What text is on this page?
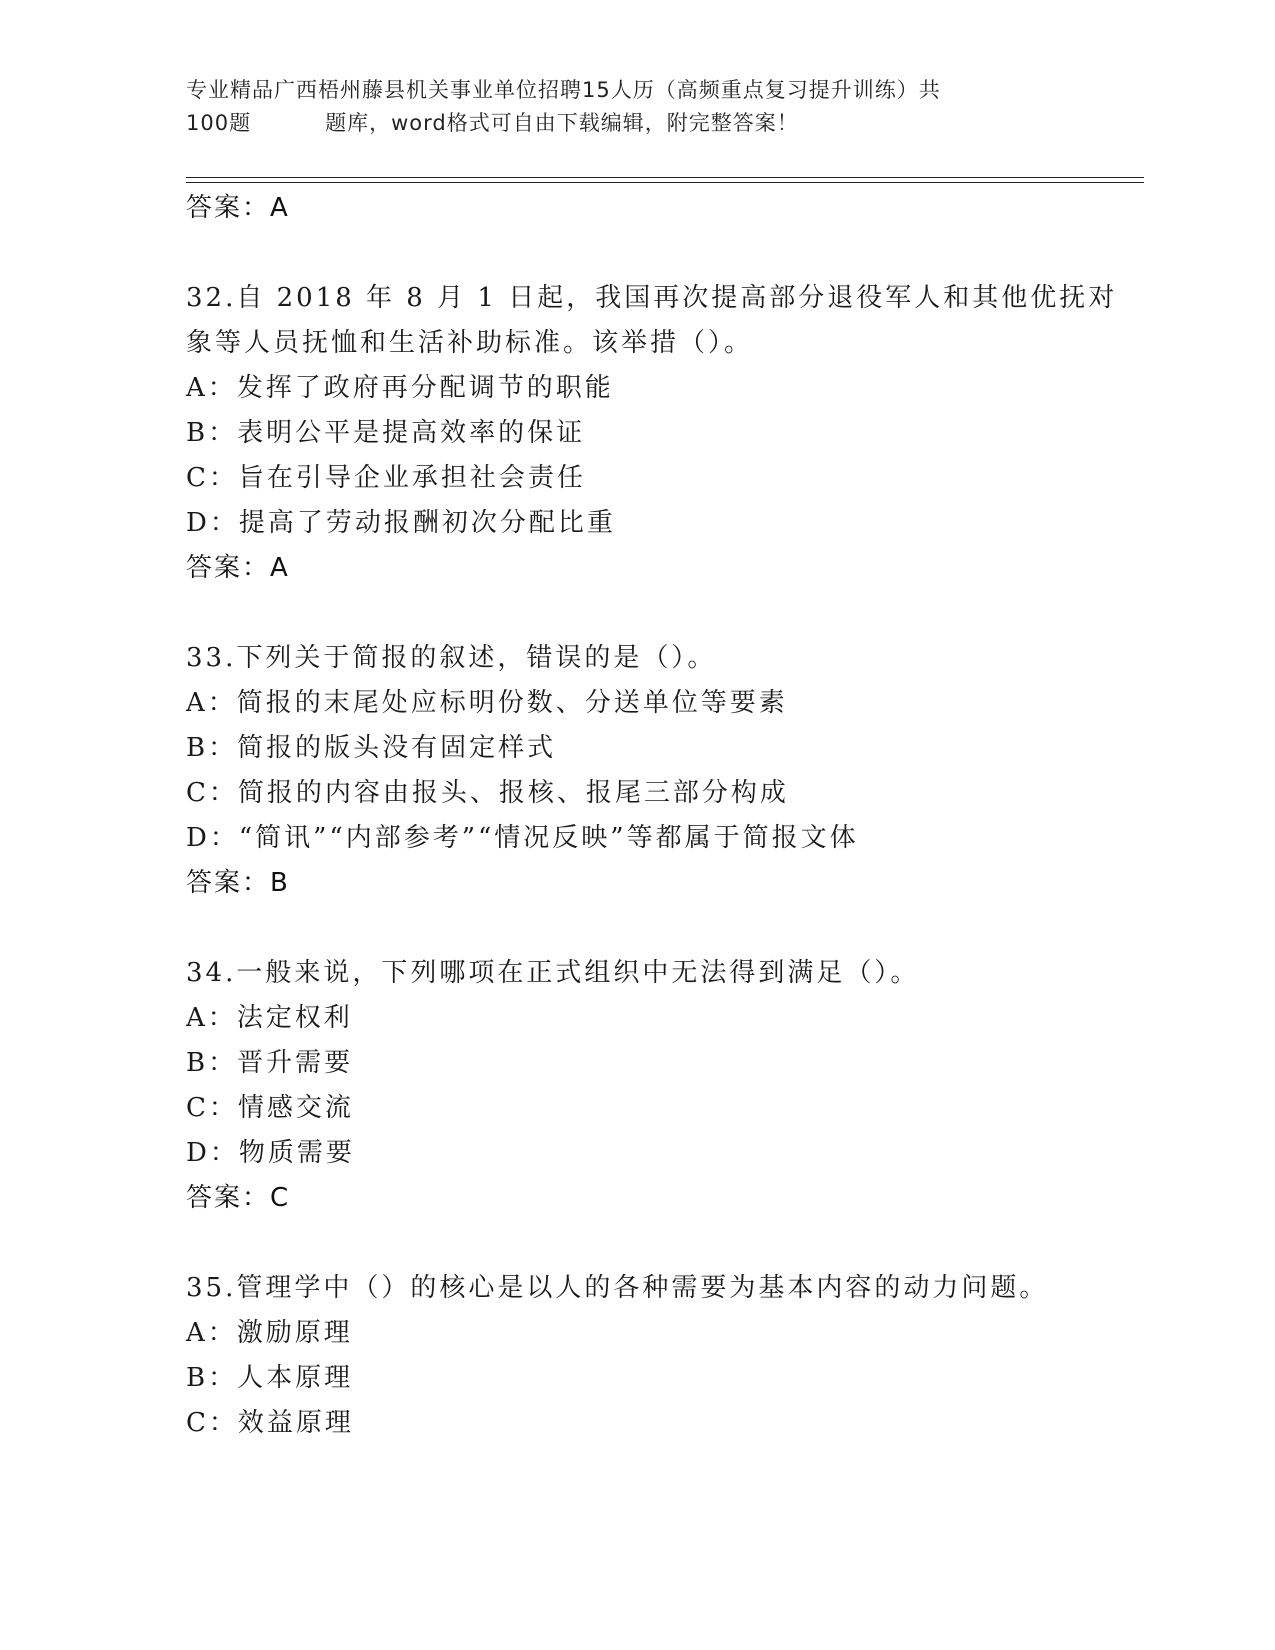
专业精品广西梧州藤县机关事业单位招聘15人历（高频重点复习提升训练）共
100题	题库，word格式可自由下载编辑，附完整答案！
答案：A
32.自 2018 年 8 月 1 日起，我国再次提高部分退役军人和其他优抚对
象等人员抚恤和生活补助标准。该举措（）。
A：发挥了政府再分配调节的职能
B：表明公平是提高效率的保证
C：旨在引导企业承担社会责任
D：提高了劳动报酬初次分配比重
答案：A
33.下列关于简报的叙述，错误的是（）。
A：简报的末尾处应标明份数、分送单位等要素
B：简报的版头没有固定样式
C：简报的内容由报头、报核、报尾三部分构成
D：“简讯”“内部参考”“情况反映”等都属于简报文体
答案：B
34.一般来说，下列哪项在正式组织中无法得到满足（）。
A：法定权利
B：晋升需要
C：情感交流
D：物质需要
答案：C
35.管理学中（）的核心是以人的各种需要为基本内容的动力问题。
A：激励原理
B：人本原理
C：效益原理
